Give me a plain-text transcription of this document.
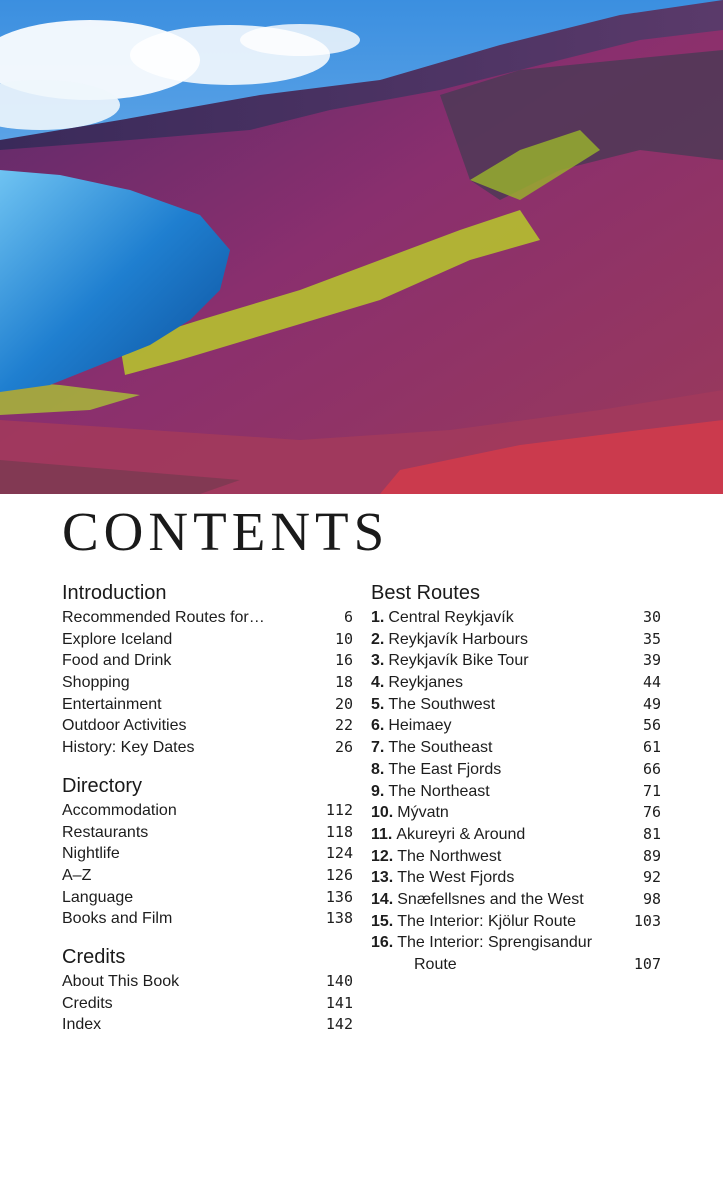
CONTENTS
Introduction
Recommended Routes for…	6
Explore Iceland	10
Food and Drink	16
Shopping	18
Entertainment	20
Outdoor Activities	22
History: Key Dates	26
Directory
Accommodation	112
Restaurants	118
Nightlife	124
A–Z	126
Language	136
Books and Film	138
Credits
About This Book	140
Credits	141
Index	142
Best Routes
1. Central Reykjavík	30
2. Reykjavík Harbours	35
3. Reykjavík Bike Tour	39
4. Reykjanes	44
5. The Southwest	49
6. Heimaey	56
7. The Southeast	61
8. The East Fjords	66
9. The Northeast	71
10. Mývatn	76
11. Akureyri & Around	81
12. The Northwest	89
13. The West Fjords	92
14. Snæfellsnes and the West	98
15. The Interior: Kjölur Route	103
16. The Interior: Sprengisandur
Route	107
